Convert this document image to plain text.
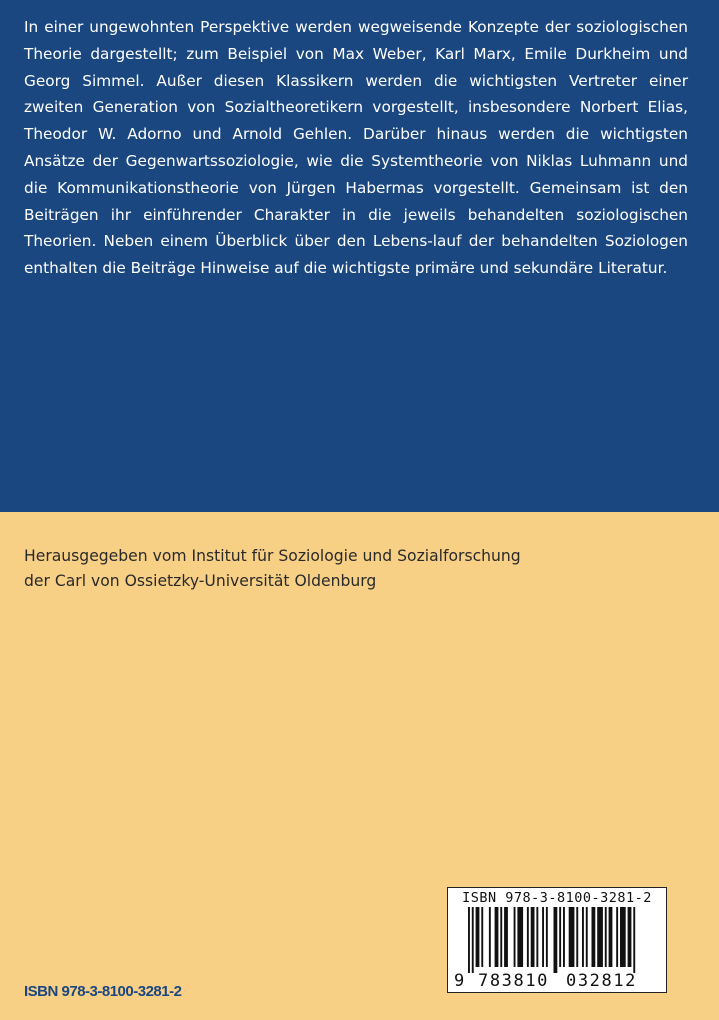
In einer ungewohnten Perspektive werden wegweisende Konzepte der soziologischen Theorie dargestellt; zum Beispiel von Max Weber, Karl Marx, Emile Durkheim und Georg Simmel. Außer diesen Klassikern werden die wichtigsten Vertreter einer zweiten Generation von Sozialtheoretikern vorgestellt, insbesondere Norbert Elias, Theodor W. Adorno und Arnold Gehlen. Darüber hinaus werden die wichtigsten Ansätze der Gegenwartssoziologie, wie die Systemtheorie von Niklas Luhmann und die Kommunikationstheorie von Jürgen Habermas vorgestellt. Gemeinsam ist den Beiträgen ihr einführender Charakter in die jeweils behandelten soziologischen Theorien. Neben einem Überblick über den Lebens-lauf der behandelten Soziologen enthalten die Beiträge Hinweise auf die wichtigste primäre und sekundäre Literatur.

Herausgegeben vom Institut für Soziologie und Sozialforschung
der Carl von Ossietzky-Universität Oldenburg
ISBN 978-3-8100-3281-2
9 783810 032812
ISBN 978-3-8100-3281-2
